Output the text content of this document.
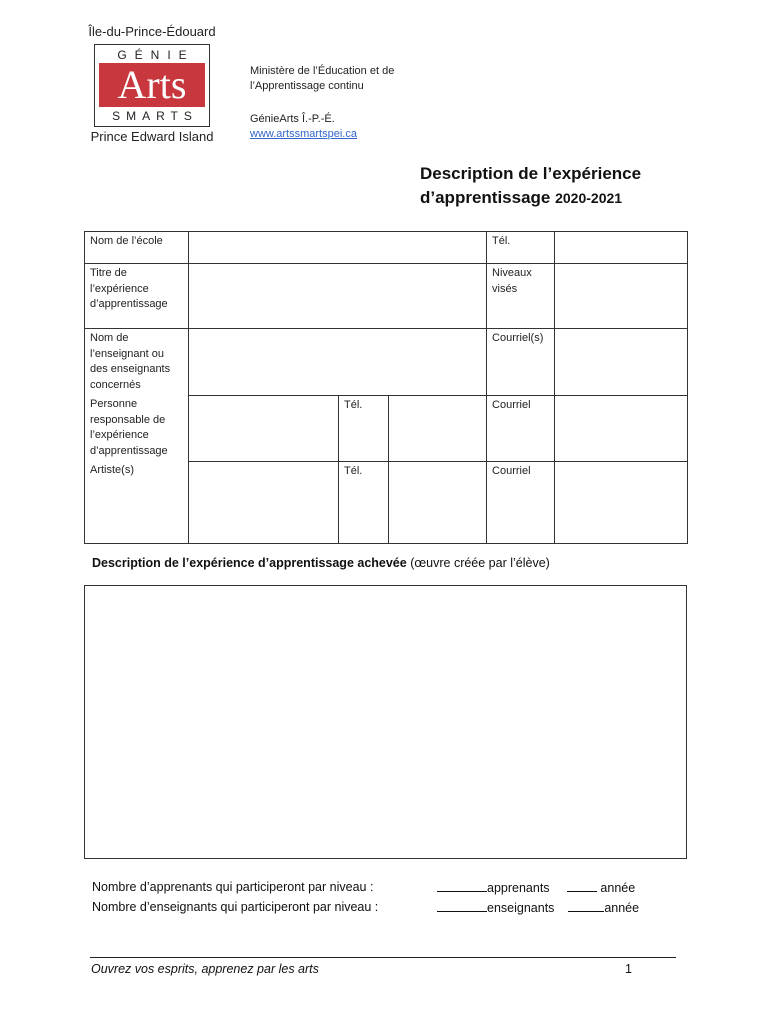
Île-du-Prince-Édouard
GÉNIE
Arts
SMARTS
Prince Edward Island

Ministère de l’Éducation et de

l’Apprentissage continu

GénieArts Î.-P.-É.
www.artssmartspei.ca
Description de l’expérience
d’apprentissage 2020-2021
Nom de l’école				Tél.	
Titre de l’expérience d’apprentissage				Niveaux visés	
Nom de l’enseignant ou des enseignants concernés				Courriel(s)	
Personne responsable de l’expérience d’apprentissage		Tél.		Courriel	
Artiste(s)		Tél.		Courriel	
Description de l’expérience d’apprentissage achevée (œuvre créée par l’élève)
Nombre d’apprenants qui participeront par niveau :	apprenants	année
Nombre d’enseignants qui participeront par niveau :	enseignants	année
Ouvrez vos esprits, apprenez par les arts	1
